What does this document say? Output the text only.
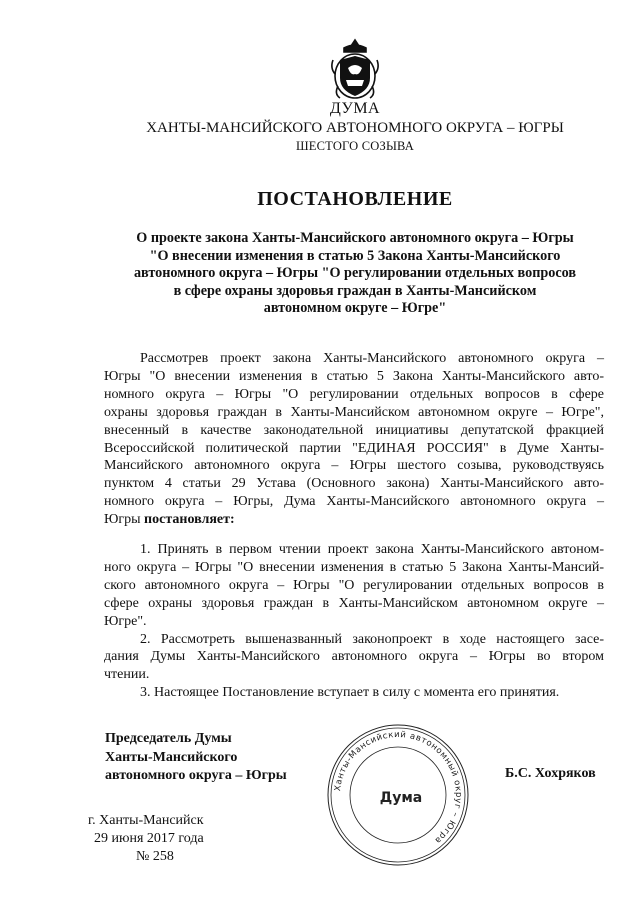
ДУМА
ХАНТЫ-МАНСИЙСКОГО АВТОНОМНОГО ОКРУГА – ЮГРЫ
ШЕСТОГО СОЗЫВА
ПОСТАНОВЛЕНИЕ
О проекте закона Ханты-Мансийского автономного округа – Югры
"О внесении изменения в статью 5 Закона Ханты-Мансийского
автономного округа – Югры "О регулировании отдельных вопросов
в сфере охраны здоровья граждан в Ханты-Мансийском
автономном округе – Югре"
Рассмотрев проект закона Ханты-Мансийского автономного округа –
Югры "О внесении изменения в статью 5 Закона Ханты-Мансийского авто-
номного округа – Югры "О регулировании отдельных вопросов в сфере
охраны здоровья граждан в Ханты-Мансийском автономном округе – Югре",
внесенный в качестве законодательной инициативы депутатской фракцией
Всероссийской политической партии "ЕДИНАЯ РОССИЯ" в Думе Ханты-
Мансийского автономного округа – Югры шестого созыва, руководствуясь
пунктом 4 статьи 29 Устава (Основного закона) Ханты-Мансийского авто-
номного округа – Югры, Дума Ханты-Мансийского автономного округа –
Югры постановляет:
1. Принять в первом чтении проект закона Ханты-Мансийского автоном-
ного округа – Югры "О внесении изменения в статью 5 Закона Ханты-Мансий-
ского автономного округа – Югры "О регулировании отдельных вопросов в
сфере охраны здоровья граждан в Ханты-Мансийском автономном округе –
Югре".
2. Рассмотреть вышеназванный законопроект в ходе настоящего засе-
дания Думы Ханты-Мансийского автономного округа – Югры во втором
чтении.
3. Настоящее Постановление вступает в силу с момента его принятия.
Председатель Думы
Ханты-Мансийского
автономного округа – Югры
Ханты-Мансийский автономный округ – Югра
Дума
Б.С. Хохряков
г. Ханты-Мансийск
29 июня 2017 года
№ 258
